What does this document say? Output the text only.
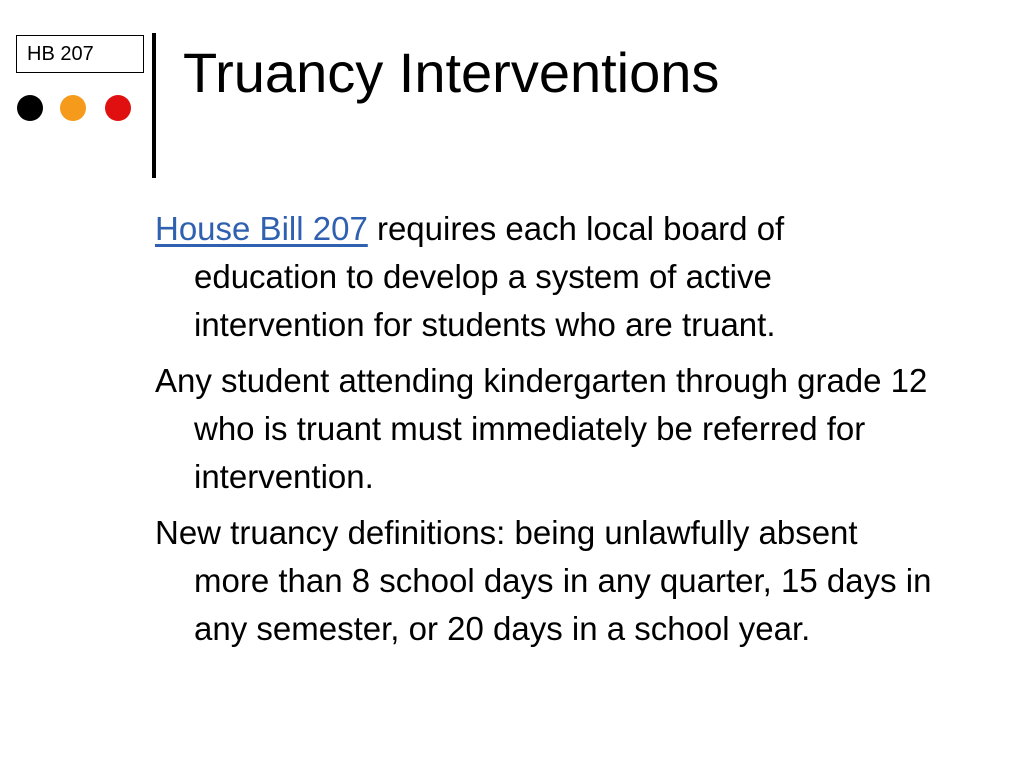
HB 207	Truancy Interventions
House Bill 207 requires each local board of education to develop a system of active intervention for students who are truant.
Any student attending kindergarten through grade 12 who is truant must immediately be referred for intervention.
New truancy definitions: being unlawfully absent more than 8 school days in any quarter, 15 days in any semester, or 20 days in a school year.
